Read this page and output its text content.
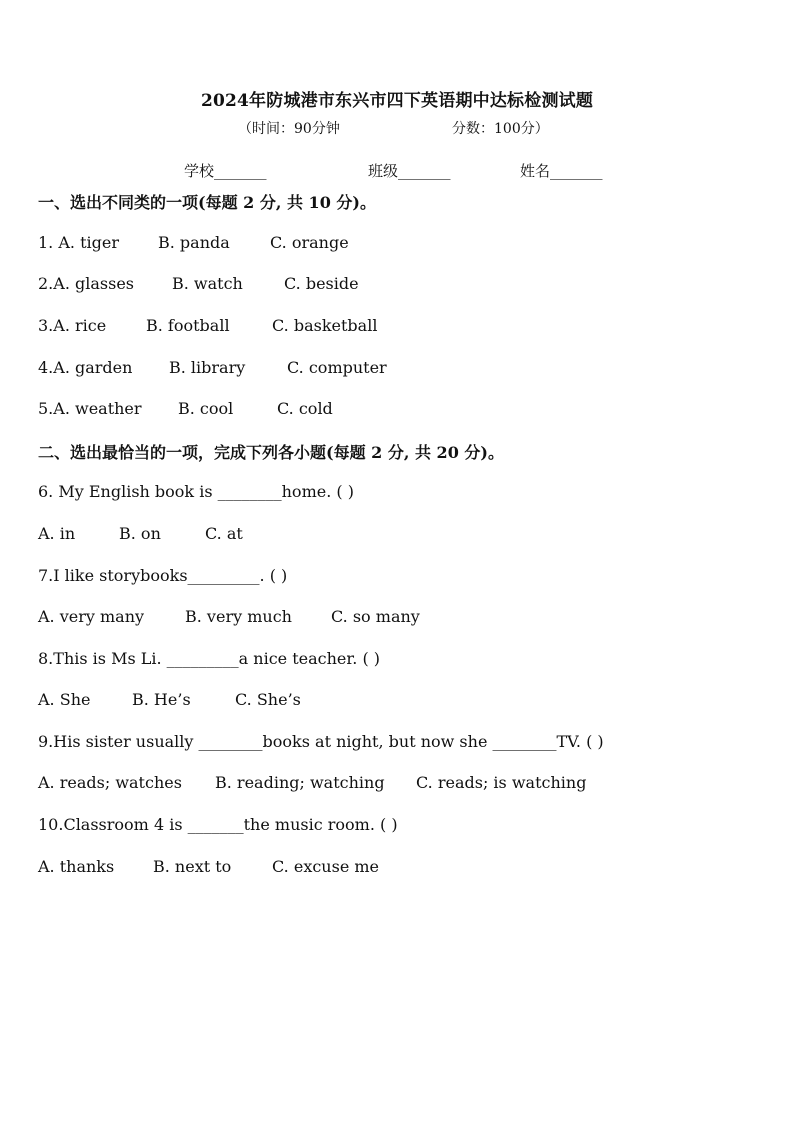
2024年防城港市东兴市四下英语期中达标检测试题
（时间：90分钟	分数：100分）
学校_______	班级_______	姓名_______
一、选出不同类的一项(每题 2 分, 共 10 分)。
1. A. tiger B. panda	C. orange
2.A. glasses B. watch	C. beside
3.A. rice B. football	C. basketball
4.A. garden B. library	C. computer
5.A. weather B. cool	C. cold
二、选出最恰当的一项，完成下列各小题(每题 2 分, 共 20 分)。
6. My English book is ________home. ( )
A. in	B. on	C. at
7.I like storybooks_________. ( )
A. very many	B. very much C. so many
8.This is Ms Li. _________a nice teacher. ( )
A. She	B. He’s	C. She’s
9.His sister usually ________books at night, but now she ________TV. ( )
A. reads; watches B. reading; watching C. reads; is watching
10.Classroom 4 is _______the music room. ( )
A. thanks B. next to	C. excuse me
